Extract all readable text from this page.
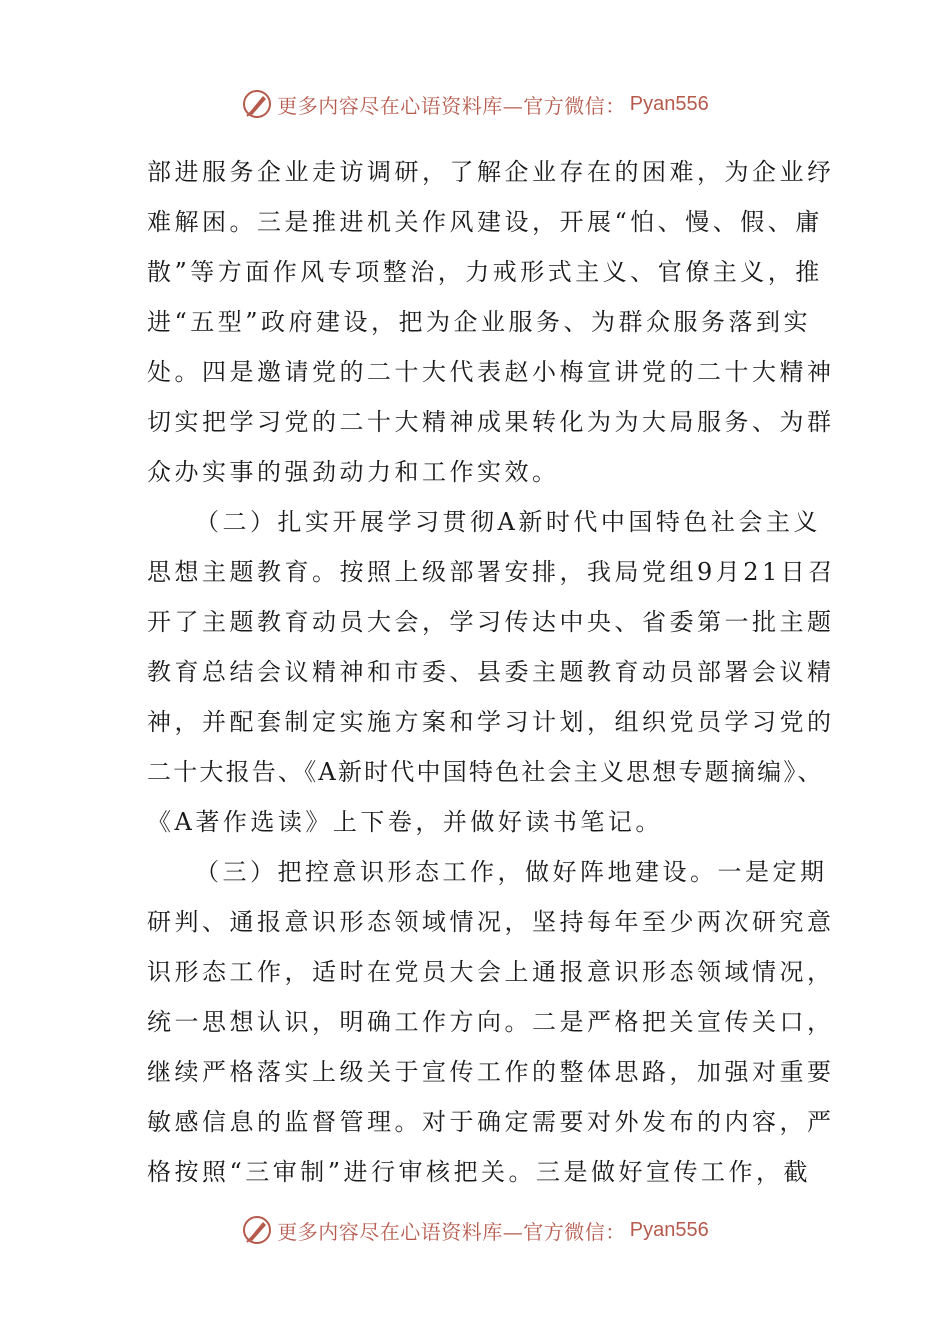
更多内容尽在心语资料库—官方微信： Pyan556
部进服务企业走访调研，了解企业存在的困难，为企业纾
难解困。三是推进机关作风建设，开展“怕、慢、假、庸
散”等方面作风专项整治，力戒形式主义、官僚主义，推
进“五型”政府建设，把为企业服务、为群众服务落到实
处。四是邀请党的二十大代表赵小梅宣讲党的二十大精神
切实把学习党的二十大精神成果转化为为大局服务、为群
众办实事的强劲动力和工作实效。
（二）扎实开展学习贯彻A新时代中国特色社会主义
思想主题教育。按照上级部署安排，我局党组9月21日召
开了主题教育动员大会，学习传达中央、省委第一批主题
教育总结会议精神和市委、县委主题教育动员部署会议精
神，并配套制定实施方案和学习计划，组织党员学习党的
二十大报告、《A新时代中国特色社会主义思想专题摘编》、
《A著作选读》上下卷，并做好读书笔记。
（三）把控意识形态工作，做好阵地建设。一是定期
研判、通报意识形态领域情况，坚持每年至少两次研究意
识形态工作，适时在党员大会上通报意识形态领域情况，
统一思想认识，明确工作方向。二是严格把关宣传关口，
继续严格落实上级关于宣传工作的整体思路，加强对重要
敏感信息的监督管理。对于确定需要对外发布的内容，严
格按照“三审制”进行审核把关。三是做好宣传工作，截
更多内容尽在心语资料库—官方微信： Pyan556
